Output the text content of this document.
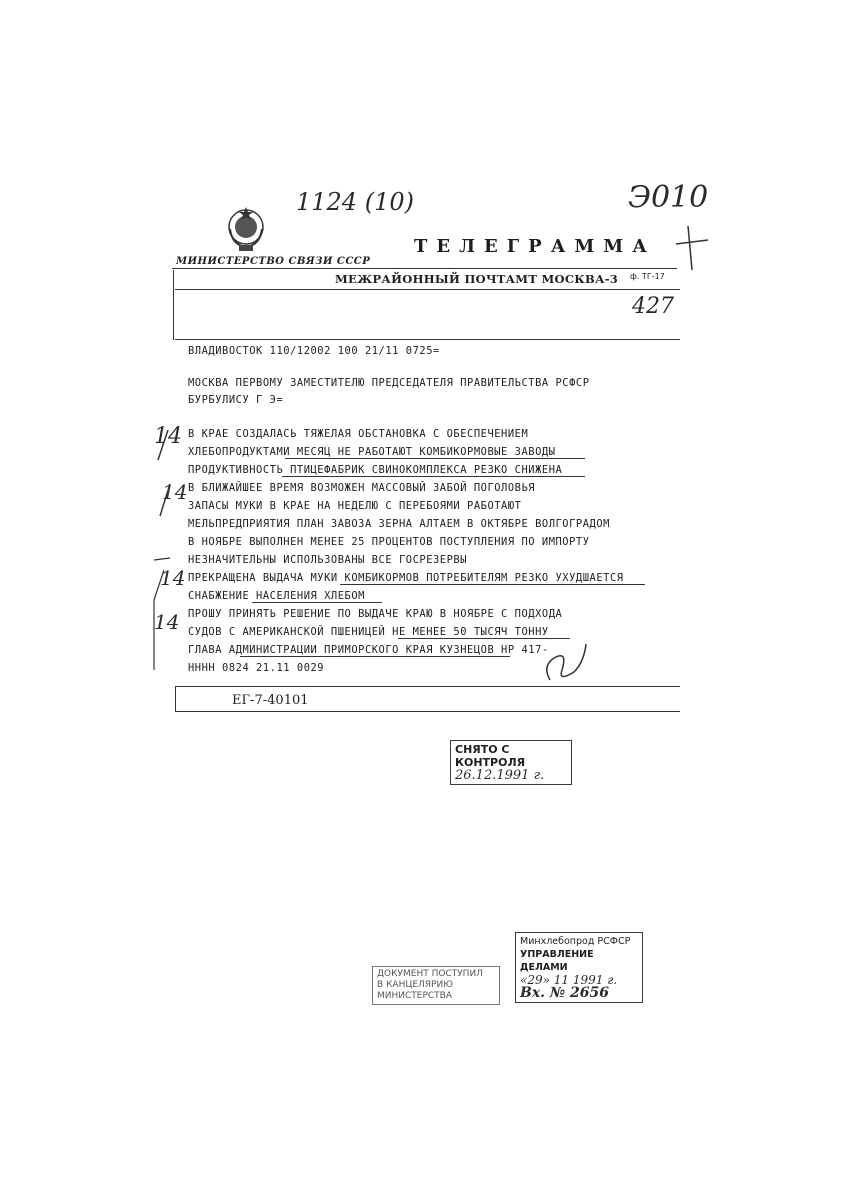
МИНИСТЕРСТВО СВЯЗИ СССР
ТЕЛЕГРАММА
МЕЖРАЙОННЫЙ ПОЧТАМТ МОСКВА-3 ф. ТГ-17
1124 (10)	Э010
427
ВЛАДИВОСТОК 110/12002 100 21/11 0725=
МОСКВА ПЕРВОМУ ЗАМЕСТИТЕЛЮ ПРЕДСЕДАТЕЛЯ ПРАВИТЕЛЬСТВА РСФСР
БУРБУЛИСУ Г Э=
В КРАЕ СОЗДАЛАСЬ ТЯЖЕЛАЯ ОБСТАНОВКА С ОБЕСПЕЧЕНИЕМ
ХЛЕБОПРОДУКТАМИ МЕСЯЦ НЕ РАБОТАЮТ КОМБИКОРМОВЫЕ ЗАВОДЫ
ПРОДУКТИВНОСТЬ ПТИЦЕФАБРИК СВИНОКОМПЛЕКСА РЕЗКО СНИЖЕНА
В БЛИЖАЙШЕЕ ВРЕМЯ ВОЗМОЖЕН МАССОВЫЙ ЗАБОЙ ПОГОЛОВЬЯ
ЗАПАСЫ МУКИ В КРАЕ НА НЕДЕЛЮ С ПЕРЕБОЯМИ РАБОТАЮТ
МЕЛЬПРЕДПРИЯТИЯ ПЛАН ЗАВОЗА ЗЕРНА АЛТАЕМ В ОКТЯБРЕ ВОЛГОГРАДОМ
В НОЯБРЕ ВЫПОЛНЕН МЕНЕЕ 25 ПРОЦЕНТОВ ПОСТУПЛЕНИЯ ПО ИМПОРТУ
НЕЗНАЧИТЕЛЬНЫ ИСПОЛЬЗОВАНЫ ВСЕ ГОСРЕЗЕРВЫ
ПРЕКРАЩЕНА ВЫДАЧА МУКИ КОМБИКОРМОВ ПОТРЕБИТЕЛЯМ РЕЗКО УХУДШАЕТСЯ
СНАБЖЕНИЕ НАСЕЛЕНИЯ ХЛЕБОМ
ПРОШУ ПРИНЯТЬ РЕШЕНИЕ ПО ВЫДАЧЕ КРАЮ В НОЯБРЕ С ПОДХОДА
СУДОВ С АМЕРИКАНСКОЙ ПШЕНИЦЕЙ НЕ МЕНЕЕ 50 ТЫСЯЧ ТОННУ
ГЛАВА АДМИНИСТРАЦИИ ПРИМОРСКОГО КРАЯ КУЗНЕЦОВ НР 417-
НННН 0824 21.11 0029
14
14
14
14
ЕГ-7-40101
СНЯТО С КОНТРОЛЯ
26.12.1991 г.
ДОКУМЕНТ ПОСТУПИЛ
В КАНЦЕЛЯРИЮ
МИНИСТЕРСТВА
Минхлебопрод РСФСР
УПРАВЛЕНИЕ ДЕЛАМИ
«29» 11 1991 г.
Вх. № 2656
